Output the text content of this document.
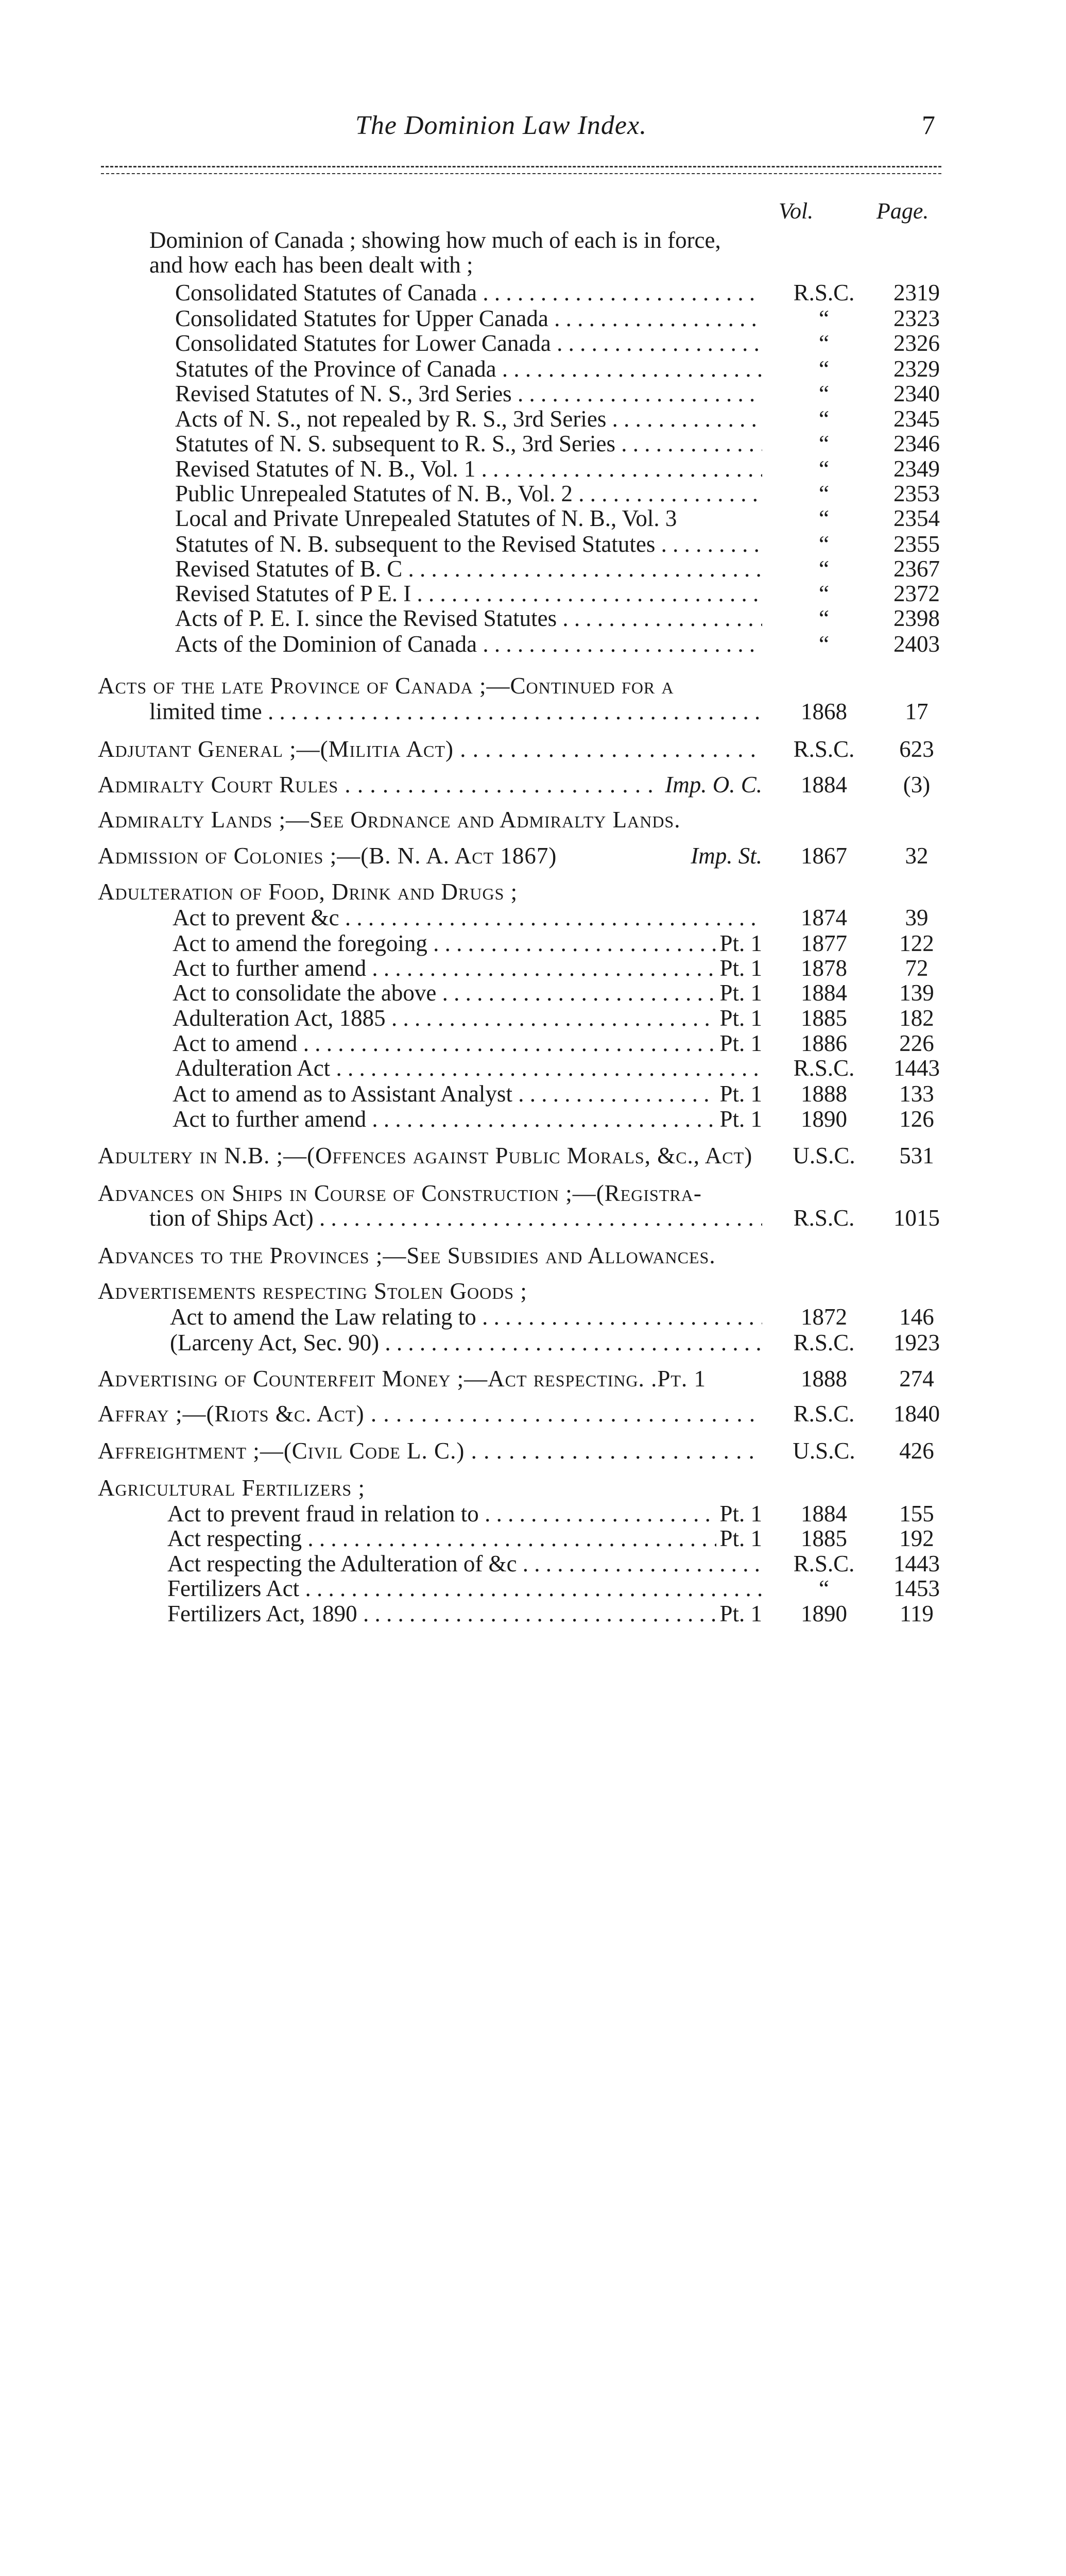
The Dominion Law Index.	7
Vol.	Page.
Dominion of Canada ; showing how much of each is in force,
and how each has been dealt with ;
Consolidated Statutes of Canada . . .	R.S.C.	2319
Consolidated Statutes for Upper Canada . . .	“	2323
Consolidated Statutes for Lower Canada . . .	“	2326
Statutes of the Province of Canada . . .	“	2329
Revised Statutes of N. S., 3rd Series . . .	“	2340
Acts of N. S., not repealed by R. S., 3rd Series . . .	“	2345
Statutes of N. S. subsequent to R. S., 3rd Series . . .	“	2346
Revised Statutes of N. B., Vol. 1 . . .	“	2349
Public Unrepealed Statutes of N. B., Vol. 2 . . .	“	2353
Local and Private Unrepealed Statutes of N. B., Vol. 3	“	2354
Statutes of N. B. subsequent to the Revised Statutes . . .	“	2355
Revised Statutes of B. C . . .	“	2367
Revised Statutes of P E. I . . .	“	2372
Acts of P. E. I. since the Revised Statutes . . .	“	2398
Acts of the Dominion of Canada . . .	“	2403
Acts of the late Province of Canada ;—Continued for a
limited time . . .	1868	17
Adjutant General ;—(Militia Act) . . .	R.S.C.	623
Admiralty Court Rules . . .	Imp. O. C.	1884	(3)
Admiralty Lands ;—See Ordnance and Admiralty Lands.
Admission of Colonies ;—(B. N. A. Act 1867)	Imp. St.	1867	32
Adulteration of Food, Drink and Drugs ;
Act to prevent &c . . .	1874	39
Act to amend the foregoing . . .	Pt. 1	1877	122
Act to further amend . . .	Pt. 1	1878	72
Act to consolidate the above . . .	Pt. 1	1884	139
Adulteration Act, 1885 . . .	Pt. 1	1885	182
Act to amend . . .	Pt. 1	1886	226
Adulteration Act . . .	R.S.C.	1443
Act to amend as to Assistant Analyst . . .	Pt. 1	1888	133
Act to further amend . . .	Pt. 1	1890	126
Adultery in N.B. ;—(Offences against Public Morals, &c., Act)	U.S.C.	531
Advances on Ships in Course of Construction ;—(Registra-
tion of Ships Act) . . .	R.S.C.	1015
Advances to the Provinces ;—See Subsidies and Allowances.
Advertisements respecting Stolen Goods ;
Act to amend the Law relating to . . .	1872	146
(Larceny Act, Sec. 90) . . .	R.S.C.	1923
Advertising of Counterfeit Money ;—Act respecting. .Pt. 1	1888	274
Affray ;—(Riots &c. Act) . . .	R.S.C.	1840
Affreightment ;—(Civil Code L. C.) . . .	U.S.C.	426
Agricultural Fertilizers ;
Act to prevent fraud in relation to . . .	Pt. 1	1884	155
Act respecting . . .	Pt. 1	1885	192
Act respecting the Adulteration of &c . . .	R.S.C.	1443
Fertilizers Act . . .	“	1453
Fertilizers Act, 1890 . . .	Pt. 1	1890	119
